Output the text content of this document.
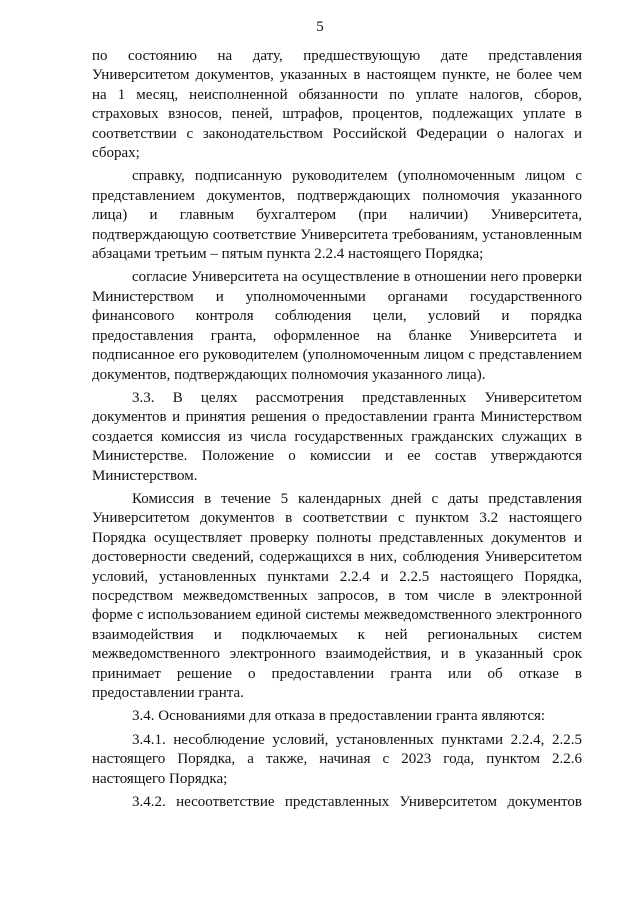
5

по состоянию на дату, предшествующую дате представления Университетом документов, указанных в настоящем пункте, не более чем на 1 месяц, неисполненной обязанности по уплате налогов, сборов, страховых взносов, пеней, штрафов, процентов, подлежащих уплате в соответствии с законодательством Российской Федерации о налогах и сборах;

справку, подписанную руководителем (уполномоченным лицом с представлением документов, подтверждающих полномочия указанного лица) и главным бухгалтером (при наличии) Университета, подтверждающую соответствие Университета требованиям, установленным абзацами третьим – пятым пункта 2.2.4 настоящего Порядка;

согласие Университета на осуществление в отношении него проверки Министерством и уполномоченными органами государственного финансового контроля соблюдения цели, условий и порядка предоставления гранта, оформленное на бланке Университета и подписанное его руководителем (уполномоченным лицом с представлением документов, подтверждающих полномочия указанного лица).

3.3. В целях рассмотрения представленных Университетом документов и принятия решения о предоставлении гранта Министерством создается комиссия из числа государственных гражданских служащих в Министерстве. Положение о комиссии и ее состав утверждаются Министерством.

Комиссия в течение 5 календарных дней с даты представления Университетом документов в соответствии с пунктом 3.2 настоящего Порядка осуществляет проверку полноты представленных документов и достоверности сведений, содержащихся в них, соблюдения Университетом условий, установленных пунктами 2.2.4 и 2.2.5 настоящего Порядка, посредством межведомственных запросов, в том числе в электронной форме с использованием единой системы межведомственного электронного взаимодействия и подключаемых к ней региональных систем межведомственного электронного взаимодействия, и в указанный срок принимает решение о предоставлении гранта или об отказе в предоставлении гранта.

3.4. Основаниями для отказа в предоставлении гранта являются:

3.4.1. несоблюдение условий, установленных пунктами 2.2.4, 2.2.5 настоящего Порядка, а также, начиная с 2023 года, пунктом 2.2.6 настоящего Порядка;

3.4.2. несоответствие представленных Университетом документов
